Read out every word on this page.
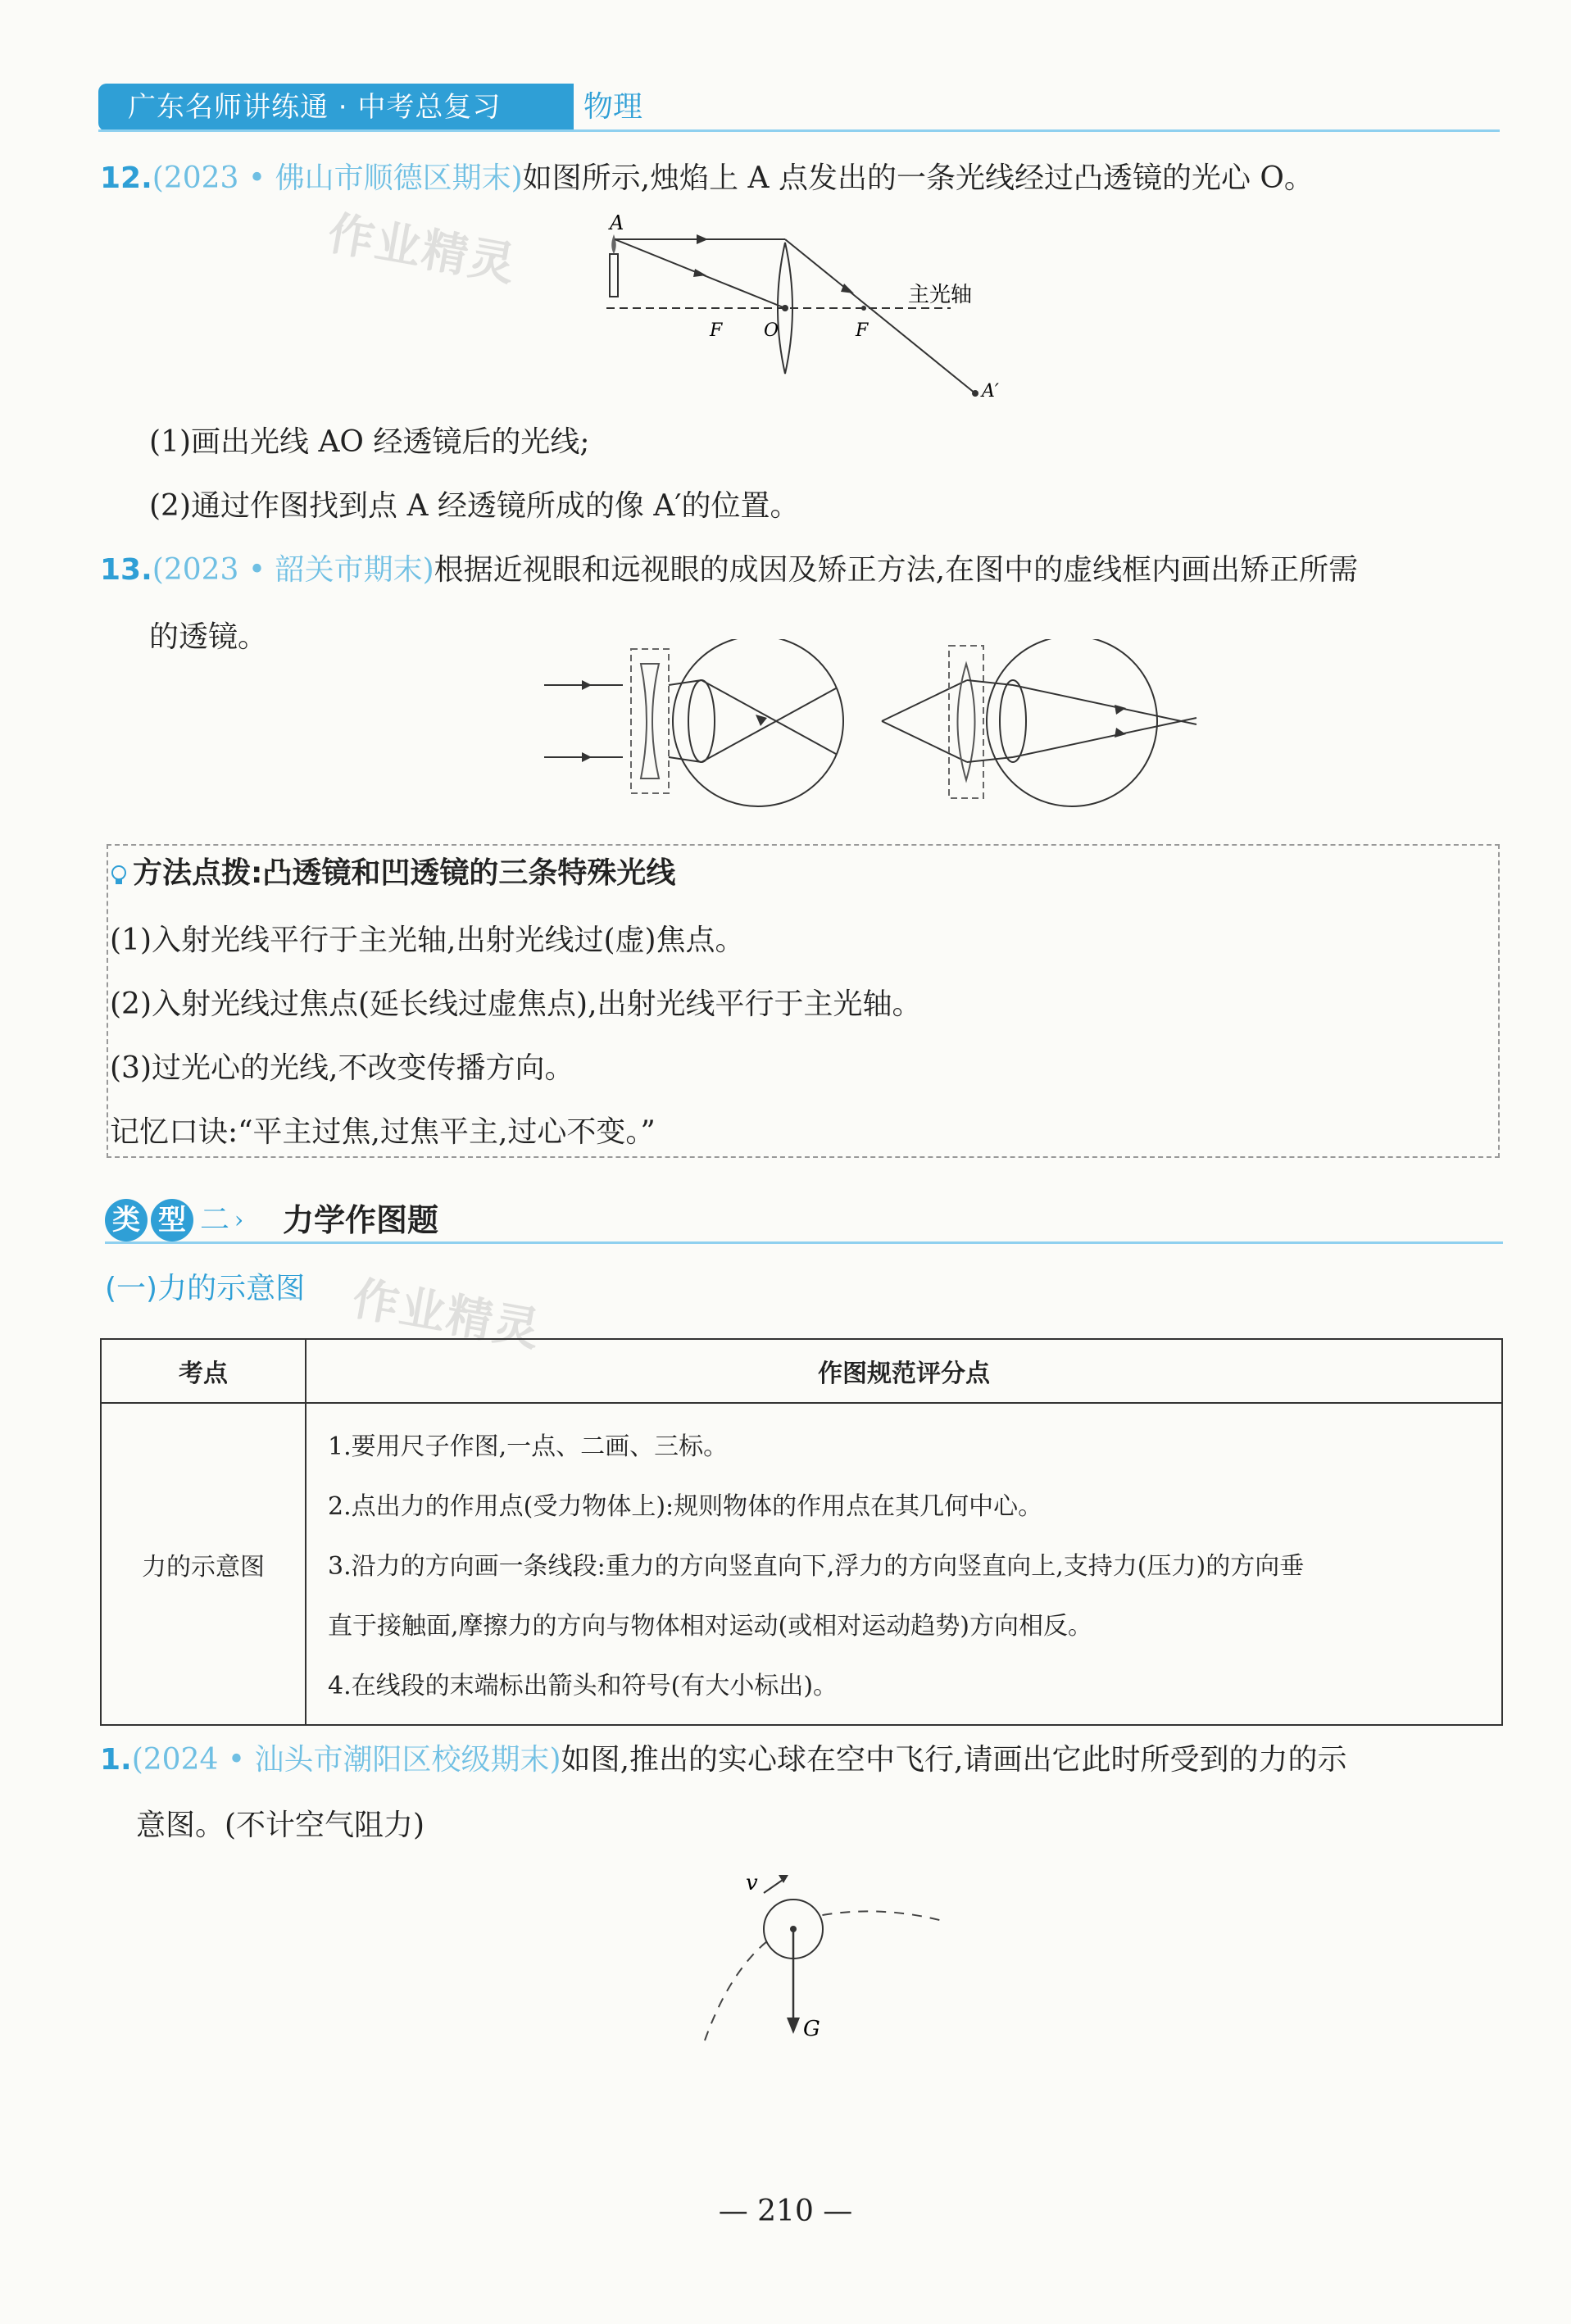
广东名师讲练通 · 中考总复习	物理
作业精灵
作业精灵
12.(2023 • 佛山市顺德区期末)如图所示,烛焰上 A 点发出的一条光线经过凸透镜的光心 O。
A
F O	F
主光轴
A′
(1)画出光线 AO 经透镜后的光线;
(2)通过作图找到点 A 经透镜所成的像 A′的位置。
13.(2023 • 韶关市期末)根据近视眼和远视眼的成因及矫正方法,在图中的虚线框内画出矫正所需
的透镜。
方法点拨:凸透镜和凹透镜的三条特殊光线
(1)入射光线平行于主光轴,出射光线过(虚)焦点。
(2)入射光线过焦点(延长线过虚焦点),出射光线平行于主光轴。
(3)过光心的光线,不改变传播方向。
记忆口诀:“平主过焦,过焦平主,过心不变。”
类 型 二 › 力学作图题
(一)力的示意图
考点	作图规范评分点
力的示意图	1.要用尺子作图,一点、二画、三标。
2.点出力的作用点(受力物体上):规则物体的作用点在其几何中心。
3.沿力的方向画一条线段:重力的方向竖直向下,浮力的方向竖直向上,支持力(压力)的方向垂
直于接触面,摩擦力的方向与物体相对运动(或相对运动趋势)方向相反。
4.在线段的末端标出箭头和符号(有大小标出)。
1.(2024 • 汕头市潮阳区校级期末)如图,推出的实心球在空中飞行,请画出它此时所受到的力的示
意图。(不计空气阻力)
v
G
— 210 —
